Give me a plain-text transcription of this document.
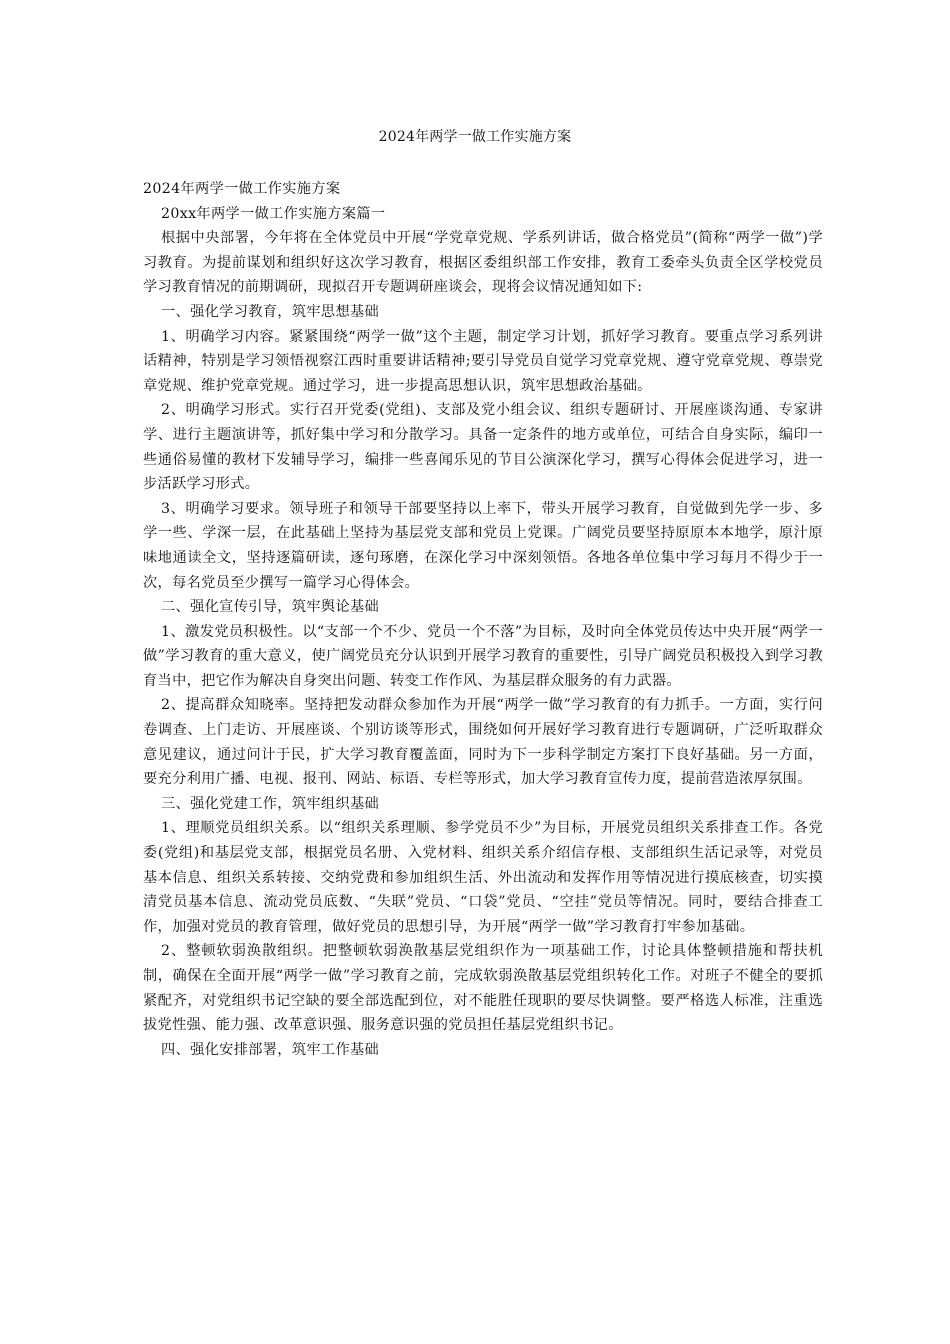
2024年两学一做工作实施方案

2024年两学一做工作实施方案

20xx年两学一做工作实施方案篇一

根据中央部署，今年将在全体党员中开展“学党章党规、学系列讲话，做合格党员”(简称“两学一做”)学习教育。为提前谋划和组织好这次学习教育，根据区委组织部工作安排，教育工委牵头负责全区学校党员学习教育情况的前期调研，现拟召开专题调研座谈会，现将会议情况通知如下:

一、强化学习教育，筑牢思想基础

1、明确学习内容。紧紧围绕“两学一做”这个主题，制定学习计划，抓好学习教育。要重点学习系列讲话精神，特别是学习领悟视察江西时重要讲话精神;要引导党员自觉学习党章党规、遵守党章党规、尊崇党章党规、维护党章党规。通过学习，进一步提高思想认识，筑牢思想政治基础。

2、明确学习形式。实行召开党委(党组)、支部及党小组会议、组织专题研讨、开展座谈沟通、专家讲学、进行主题演讲等，抓好集中学习和分散学习。具备一定条件的地方或单位，可结合自身实际，编印一些通俗易懂的教材下发辅导学习，编排一些喜闻乐见的节目公演深化学习，撰写心得体会促进学习，进一步活跃学习形式。

3、明确学习要求。领导班子和领导干部要坚持以上率下，带头开展学习教育，自觉做到先学一步、多学一些、学深一层，在此基础上坚持为基层党支部和党员上党课。广阔党员要坚持原原本本地学，原汁原味地通读全文，坚持逐篇研读，逐句琢磨，在深化学习中深刻领悟。各地各单位集中学习每月不得少于一次，每名党员至少撰写一篇学习心得体会。

二、强化宣传引导，筑牢舆论基础

1、激发党员积极性。以“支部一个不少、党员一个不落”为目标，及时向全体党员传达中央开展“两学一做”学习教育的重大意义，使广阔党员充分认识到开展学习教育的重要性，引导广阔党员积极投入到学习教育当中，把它作为解决自身突出问题、转变工作作风、为基层群众服务的有力武器。

2、提高群众知晓率。坚持把发动群众参加作为开展“两学一做”学习教育的有力抓手。一方面，实行问卷调查、上门走访、开展座谈、个别访谈等形式，围绕如何开展好学习教育进行专题调研，广泛听取群众意见建议，通过问计于民，扩大学习教育覆盖面，同时为下一步科学制定方案打下良好基础。另一方面，要充分利用广播、电视、报刊、网站、标语、专栏等形式，加大学习教育宣传力度，提前营造浓厚氛围。

三、强化党建工作，筑牢组织基础

1、理顺党员组织关系。以“组织关系理顺、参学党员不少”为目标，开展党员组织关系排查工作。各党委(党组)和基层党支部，根据党员名册、入党材料、组织关系介绍信存根、支部组织生活记录等，对党员基本信息、组织关系转接、交纳党费和参加组织生活、外出流动和发挥作用等情况进行摸底核查，切实摸清党员基本信息、流动党员底数、“失联”党员、“口袋”党员、“空挂”党员等情况。同时，要结合排查工作，加强对党员的教育管理，做好党员的思想引导，为开展“两学一做”学习教育打牢参加基础。

2、整顿软弱涣散组织。把整顿软弱涣散基层党组织作为一项基础工作，讨论具体整顿措施和帮扶机制，确保在全面开展“两学一做”学习教育之前，完成软弱涣散基层党组织转化工作。对班子不健全的要抓紧配齐，对党组织书记空缺的要全部选配到位，对不能胜任现职的要尽快调整。要严格选人标准，注重选拔党性强、能力强、改革意识强、服务意识强的党员担任基层党组织书记。

四、强化安排部署，筑牢工作基础
